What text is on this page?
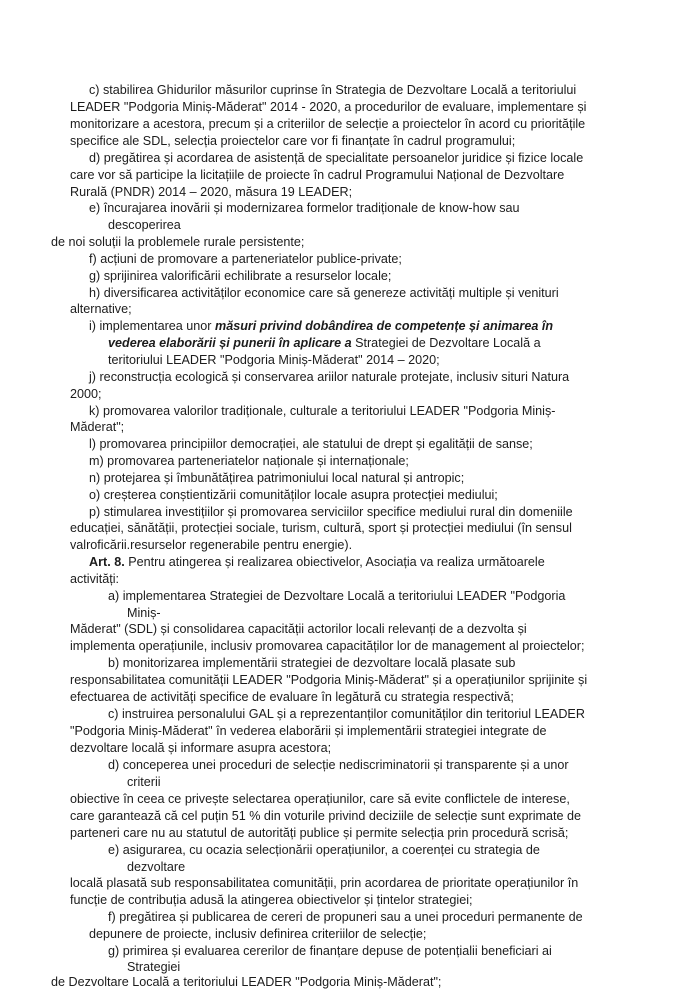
c) stabilirea Ghidurilor măsurilor cuprinse în Strategia de Dezvoltare Locală a teritoriului
LEADER "Podgoria Miniș-Măderat" 2014 - 2020, a procedurilor de evaluare, implementare și
monitorizare a acestora, precum și a criteriilor de selecție a proiectelor în acord cu prioritățile
specifice ale SDL, selecția proiectelor care vor fi finanțate în cadrul programului;
d) pregătirea și acordarea de asistență de specialitate persoanelor juridice și fizice locale
care vor să participe la licitațiile de proiecte în cadrul Programului Național de Dezvoltare
Rurală (PNDR) 2014 – 2020, măsura 19 LEADER;
e) încurajarea inovării și modernizarea formelor tradiționale de know-how sau
descoperirea
de noi soluții la problemele rurale persistente;
f) acțiuni de promovare a parteneriatelor publice-private;
g) sprijinirea valorificării echilibrate a resurselor locale;
h) diversificarea activităților economice care să genereze activități multiple și venituri
alternative;
i) implementarea unor măsuri privind dobândirea de competențe și animarea în
vederea elaborării și punerii în aplicare a Strategiei de Dezvoltare Locală a
teritoriului LEADER "Podgoria Miniș-Măderat" 2014 – 2020;
j) reconstrucția ecologică și conservarea ariilor naturale protejate, inclusiv situri Natura
2000;
k) promovarea valorilor tradiționale, culturale a teritoriului LEADER "Podgoria Miniș-
Măderat";
l) promovarea principiilor democrației, ale statului de drept și egalității de sanse;
m) promovarea parteneriatelor naționale și internaționale;
n) protejarea și îmbunătățirea patrimoniului local natural și antropic;
o) creșterea conștientizării comunităților locale asupra protecției mediului;
p) stimularea investițiilor și promovarea serviciilor specifice mediului rural din domeniile
educației, sănătății, protecției sociale, turism, cultură, sport și protecției mediului (în sensul
valroficării.resurselor regenerabile pentru energie).
Art. 8. Pentru atingerea și realizarea obiectivelor, Asociația va realiza următoarele
activități:
a) implementarea Strategiei de Dezvoltare Locală a teritoriului LEADER "Podgoria
Miniș-
Măderat" (SDL) și consolidarea capacității actorilor locali relevanți de a dezvolta și
implementa operațiunile, inclusiv promovarea capacităților lor de management al proiectelor;
b) monitorizarea implementării strategiei de dezvoltare locală plasate sub
responsabilitatea comunității LEADER "Podgoria Miniș-Măderat" și a operațiunilor sprijinite și
efectuarea de activități specifice de evaluare în legătură cu strategia respectivă;
c) instruirea personalului GAL și a reprezentanților comunităților din teritoriul LEADER
"Podgoria Miniș-Măderat" în vederea elaborării și implementării strategiei integrate de
dezvoltare locală și informare asupra acestora;
d) conceperea unei proceduri de selecție nediscriminatorii și transparente și a unor
criterii
obiective în ceea ce privește selectarea operațiunilor, care să evite conflictele de interese,
care garantează că cel puțin 51 % din voturile privind deciziile de selecție sunt exprimate de
parteneri care nu au statutul de autorități publice și permite selecția prin procedură scrisă;
e) asigurarea, cu ocazia selecționării operațiunilor, a coerenței cu strategia de
dezvoltare
locală plasată sub responsabilitatea comunității, prin acordarea de prioritate operațiunilor în
funcție de contribuția adusă la atingerea obiectivelor și țintelor strategiei;
f) pregătirea și publicarea de cereri de propuneri sau a unei proceduri permanente de
depunere de proiecte, inclusiv definirea criteriilor de selecție;
g) primirea și evaluarea cererilor de finanțare depuse de potențialii beneficiari ai
Strategiei
de Dezvoltare Locală a teritoriului LEADER "Podgoria Miniș-Măderat";
